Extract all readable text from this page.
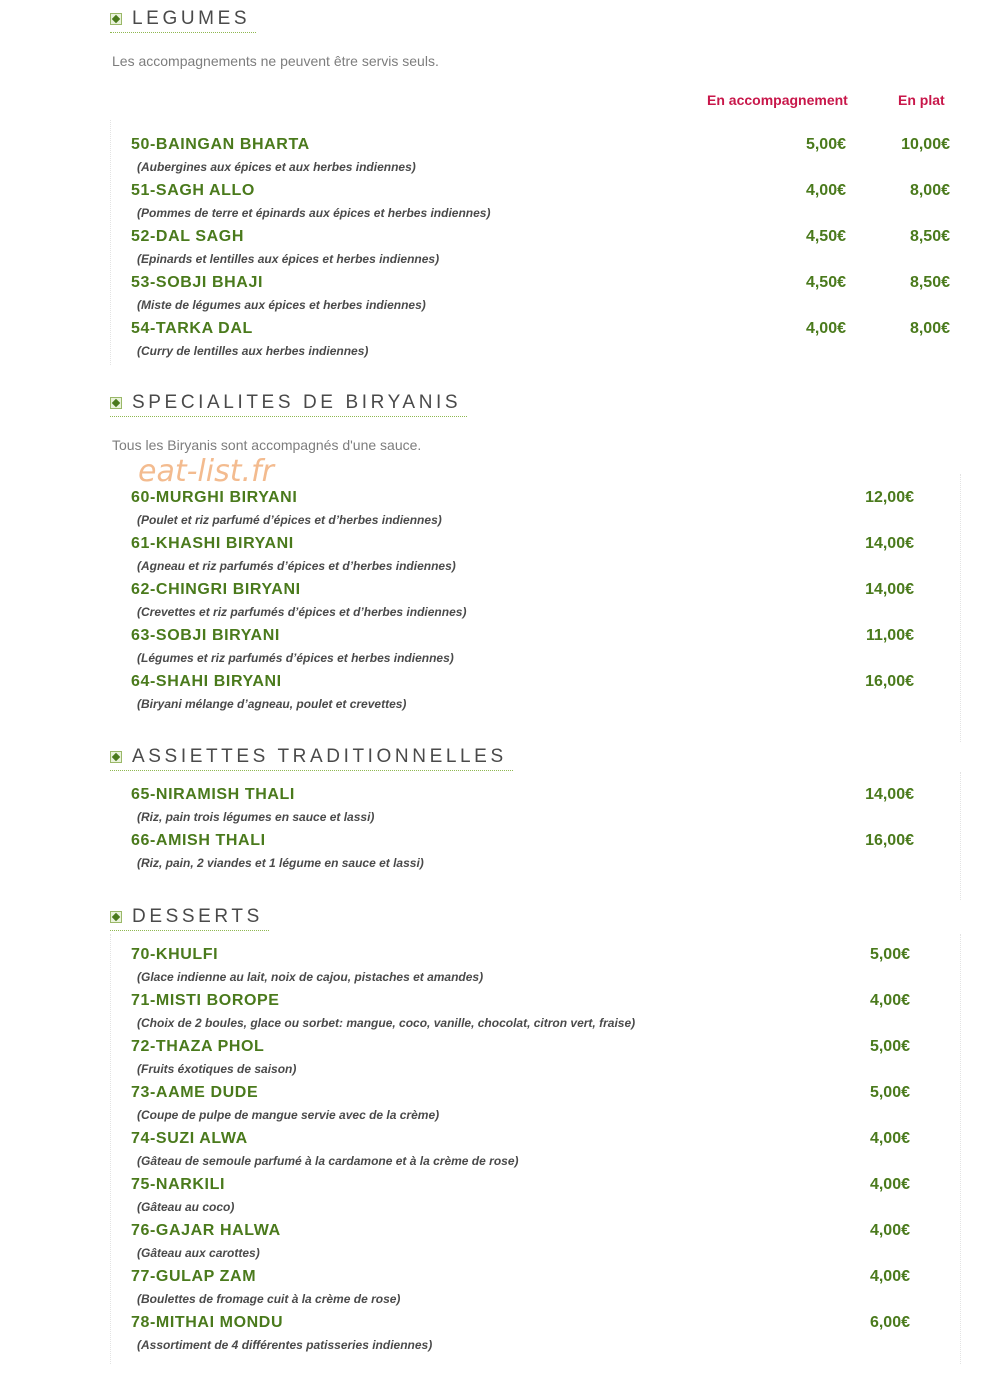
LEGUMES
Les accompagnements ne peuvent être servis seuls.
En accompagnement	En plat
50-BAINGAN BHARTA
(Aubergines aux épices et aux herbes indiennes)
5,00€	10,00€
51-SAGH ALLO
(Pommes de terre et épinards aux épices et herbes indiennes)
4,00€	8,00€
52-DAL SAGH
(Epinards et lentilles aux épices et herbes indiennes)
4,50€	8,50€
53-SOBJI BHAJI
(Miste de légumes aux épices et herbes indiennes)
4,50€	8,50€
54-TARKA DAL
(Curry de lentilles aux herbes indiennes)
4,00€	8,00€
SPECIALITES DE BIRYANIS
Tous les Biryanis sont accompagnés d'une sauce.
60-MURGHI BIRYANI
(Poulet et riz parfumé d’épices et d’herbes indiennes)
12,00€
61-KHASHI BIRYANI
(Agneau et riz parfumés d’épices et d’herbes indiennes)
14,00€
62-CHINGRI BIRYANI
(Crevettes et riz parfumés d’épices et d’herbes indiennes)
14,00€
63-SOBJI BIRYANI
(Légumes et riz parfumés d’épices et herbes indiennes)
11,00€
64-SHAHI BIRYANI
(Biryani mélange d’agneau, poulet et crevettes)
16,00€
eat-list.fr
ASSIETTES TRADITIONNELLES
65-NIRAMISH THALI
(Riz, pain trois légumes en sauce et lassi)
14,00€
66-AMISH THALI
(Riz, pain, 2 viandes et 1 légume en sauce et lassi)
16,00€
DESSERTS
70-KHULFI
(Glace indienne au lait, noix de cajou, pistaches et amandes)
5,00€
71-MISTI BOROPE
(Choix de 2 boules, glace ou sorbet: mangue, coco, vanille, chocolat, citron vert, fraise)
4,00€
72-THAZA PHOL
(Fruits éxotiques de saison)
5,00€
73-AAME DUDE
(Coupe de pulpe de mangue servie avec de la crème)
5,00€
74-SUZI ALWA
(Gâteau de semoule parfumé à la cardamone et à la crème de rose)
4,00€
75-NARKILI
(Gâteau au coco)
4,00€
76-GAJAR HALWA
(Gâteau aux carottes)
4,00€
77-GULAP ZAM
(Boulettes de fromage cuit à la crème de rose)
4,00€
78-MITHAI MONDU
(Assortiment de 4 différentes patisseries indiennes)
6,00€
